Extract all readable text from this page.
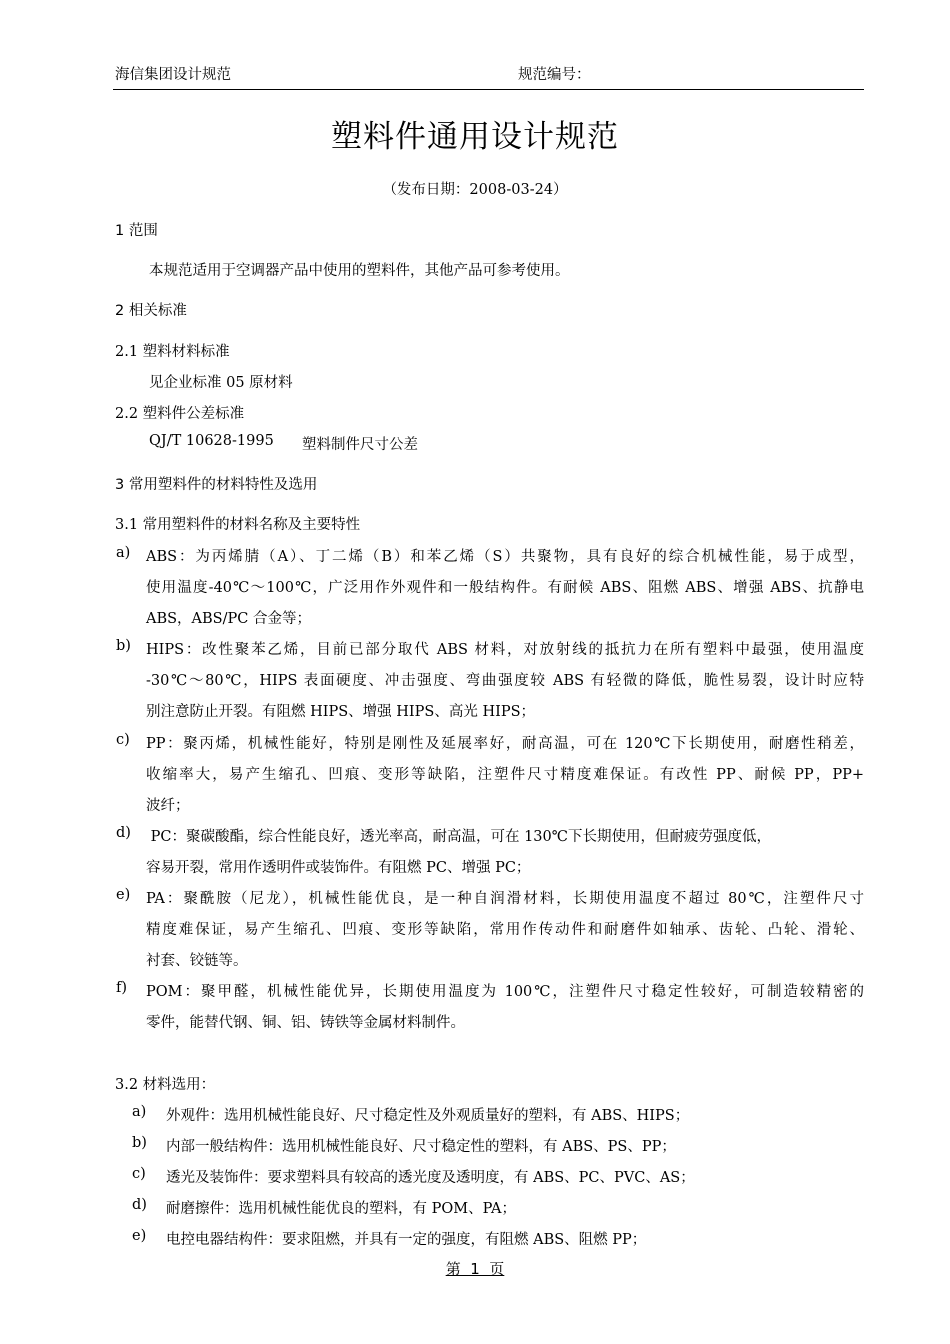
海信集团设计规范	规范编号：
塑料件通用设计规范
（发布日期：2008-03-24）
1 范围
本规范适用于空调器产品中使用的塑料件，其他产品可参考使用。
2 相关标准
2.1 塑料材料标准
见企业标准 05 原材料
2.2 塑料件公差标准
QJ/T 10628-1995 塑料制件尺寸公差
3 常用塑料件的材料特性及选用
3.1 常用塑料件的材料名称及主要特性
a) ABS：为丙烯腈（A）、丁二烯（B）和苯乙烯（S）共聚物，具有良好的综合机械性能，易于成型，
使用温度-40℃～100℃，广泛用作外观件和一般结构件。有耐候 ABS、阻燃 ABS、增强 ABS、抗静电
ABS，ABS/PC 合金等；
b) HIPS：改性聚苯乙烯，目前已部分取代 ABS 材料，对放射线的抵抗力在所有塑料中最强，使用温度
-30℃～80℃，HIPS 表面硬度、冲击强度、弯曲强度较 ABS 有轻微的降低，脆性易裂，设计时应特
别注意防止开裂。有阻燃 HIPS、增强 HIPS、高光 HIPS；
c) PP：聚丙烯，机械性能好，特别是刚性及延展率好，耐高温，可在 120℃下长期使用，耐磨性稍差，
收缩率大，易产生缩孔、凹痕、变形等缺陷，注塑件尺寸精度难保证。有改性 PP、耐候 PP，PP+
波纤；
d) PC：聚碳酸酯，综合性能良好，透光率高，耐高温，可在 130℃下长期使用，但耐疲劳强度低，
容易开裂，常用作透明件或装饰件。有阻燃 PC、增强 PC；
e) PA：聚酰胺（尼龙），机械性能优良，是一种自润滑材料，长期使用温度不超过 80℃，注塑件尺寸
精度难保证，易产生缩孔、凹痕、变形等缺陷，常用作传动件和耐磨件如轴承、齿轮、凸轮、滑轮、
衬套、铰链等。
f) POM：聚甲醛，机械性能优异，长期使用温度为 100℃，注塑件尺寸稳定性较好，可制造较精密的
零件，能替代钢、铜、铝、铸铁等金属材料制件。
3.2 材料选用：
a) 外观件：选用机械性能良好、尺寸稳定性及外观质量好的塑料，有 ABS、HIPS；
b) 内部一般结构件：选用机械性能良好、尺寸稳定性的塑料，有 ABS、PS、PP；
c) 透光及装饰件：要求塑料具有较高的透光度及透明度，有 ABS、PC、PVC、AS；
d) 耐磨擦件：选用机械性能优良的塑料，有 POM、PA；
e) 电控电器结构件：要求阻燃，并具有一定的强度，有阻燃 ABS、阻燃 PP；
第  1  页
